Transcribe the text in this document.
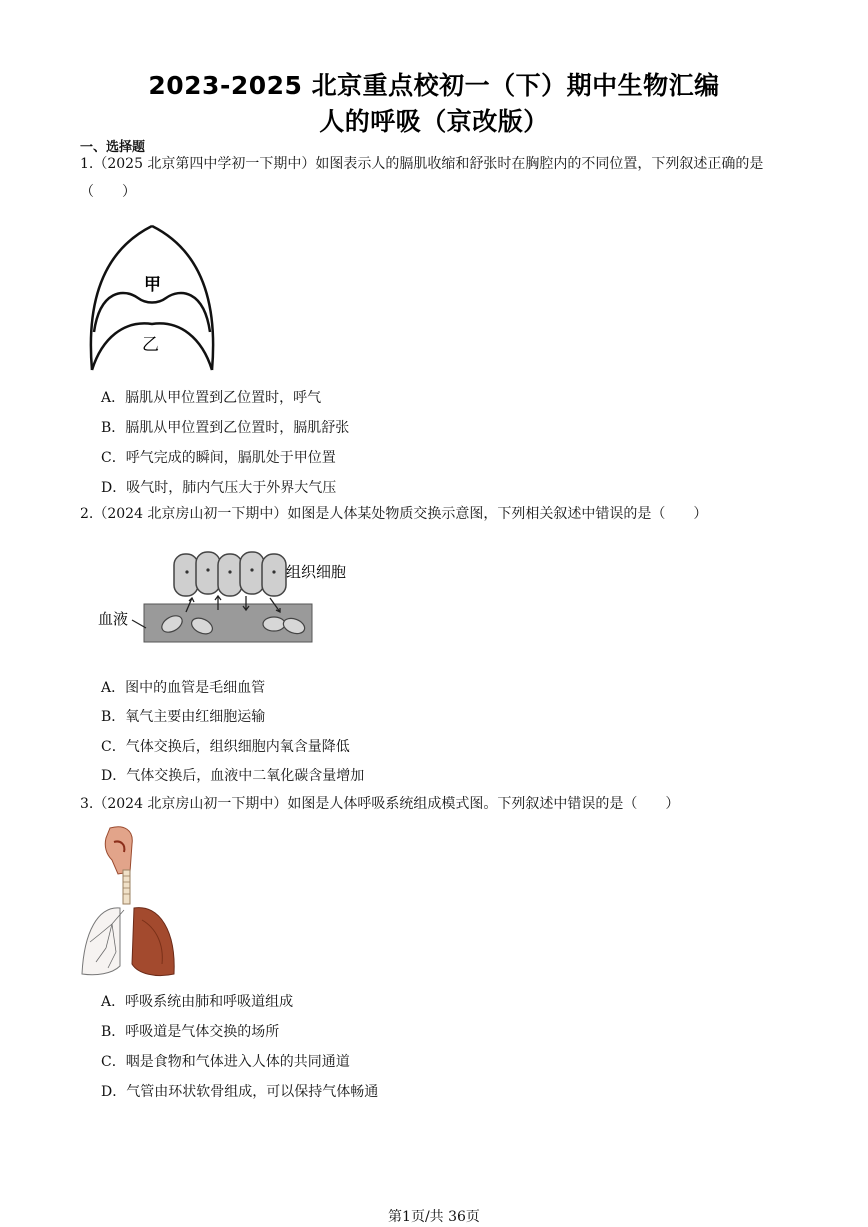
2023-2025 北京重点校初一（下）期中生物汇编
人的呼吸（京改版）
一、选择题
1.（2025 北京第四中学初一下期中）如图表示人的膈肌收缩和舒张时在胸腔内的不同位置，下列叙述正确的是（　　）
甲
乙
A．膈肌从甲位置到乙位置时，呼气
B．膈肌从甲位置到乙位置时，膈肌舒张
C．呼气完成的瞬间，膈肌处于甲位置
D．吸气时，肺内气压大于外界大气压
2.（2024 北京房山初一下期中）如图是人体某处物质交换示意图，下列相关叙述中错误的是（　　）
组织细胞
血液
A．图中的血管是毛细血管
B．氧气主要由红细胞运输
C．气体交换后，组织细胞内氧含量降低
D．气体交换后，血液中二氧化碳含量增加
3.（2024 北京房山初一下期中）如图是人体呼吸系统组成模式图。下列叙述中错误的是（　　）
A．呼吸系统由肺和呼吸道组成
B．呼吸道是气体交换的场所
C．咽是食物和气体进入人体的共同通道
D．气管由环状软骨组成，可以保持气体畅通
第1页/共 36页
